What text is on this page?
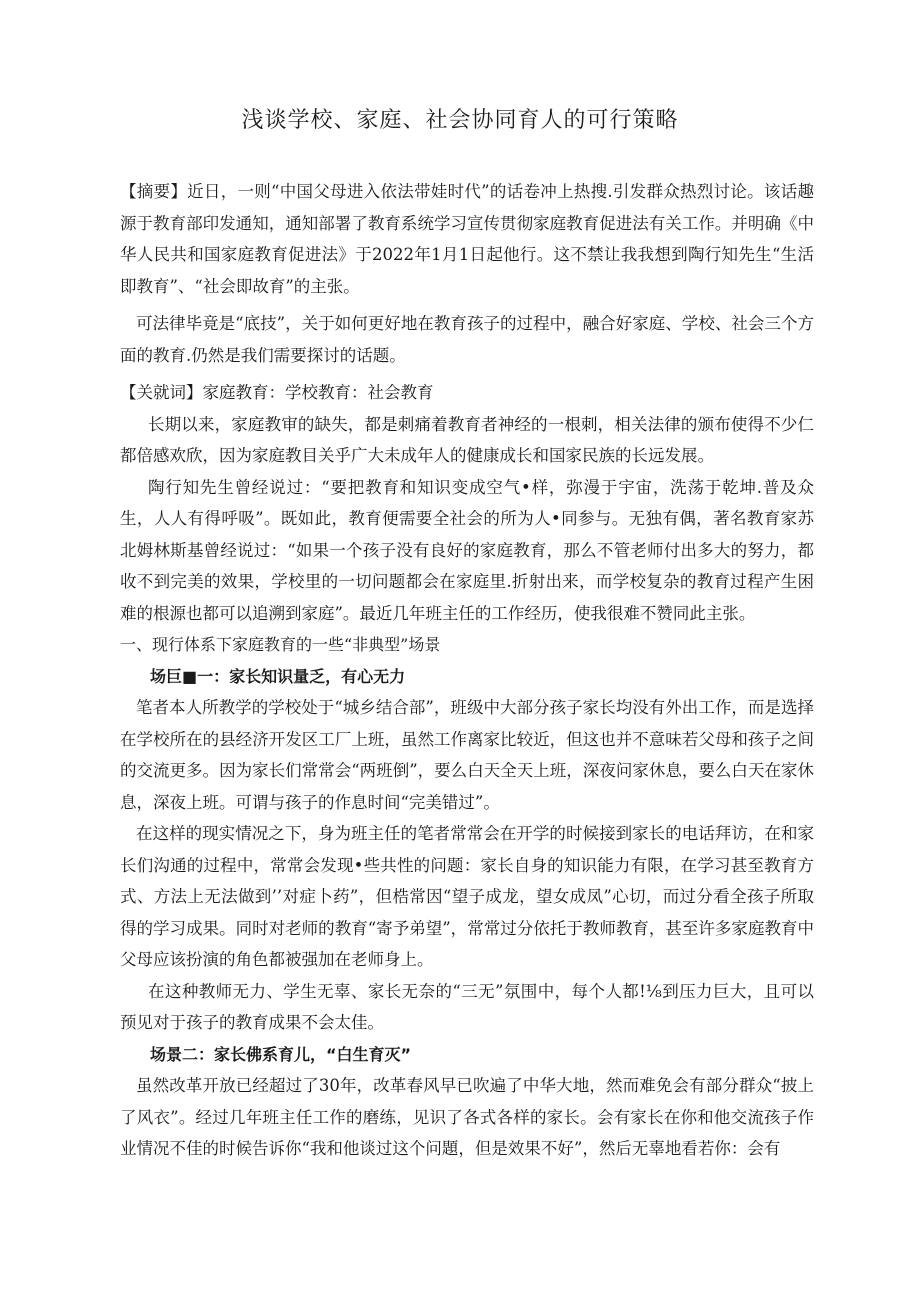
浅谈学校、家庭、社会协同育人的可行策略

【摘要】近日，一则“中国父母进入依法带娃时代”的话卷冲上热搜.引发群众热烈讨论。该话趣源于教育部印发通知，通知部署了教育系统学习宣传贯彻家庭教育促进法有关工作。并明确《中华人民共和国家庭教育促进法》于2022年1月1日起他行。这不禁让我我想到陶行知先生“生活即教育”、“社会即故育”的主张。

可法律毕竟是“底技”，关于如何更好地在教育孩子的过程中，融合好家庭、学校、社会三个方面的教育.仍然是我们需要探讨的话题。

【关就词】家庭教育：学校教育：社会教育

长期以来，家庭教审的缺失，都是刺痛着教育者神经的一根刺，相关法律的颁布使得不少仁都倍感欢欣，因为家庭教目关乎广大未成年人的健康成长和国家民族的长远发展。

陶行知先生曾经说过：“要把教育和知识变成空气•样，弥漫于宇宙，洗荡于乾坤.普及众生，人人有得呼吸”。既如此，教育便需要全社会的所为人•同参与。无独有偶，著名教育家苏北姆林斯基曾经说过：“如果一个孩子没有良好的家庭教育，那么不管老师付出多大的努力，都收不到完美的效果，学校里的一切问题都会在家庭里.折射出来，而学校复杂的教育过程产生困难的根源也都可以追溯到家庭”。最近几年班主任的工作经历，使我很难不赞同此主张。

一、现行体系下家庭教育的一些“非典型”场景

场巨■一：家长知识量乏，有心无力

笔者本人所教学的学校处于“城乡结合部”，班级中大部分孩子家长均没有外出工作，而是选择在学校所在的县经济开发区工厂上班，虽然工作离家比较近，但这也并不意味若父母和孩子之间的交流更多。因为家长们常常会“两班倒”，要么白天全天上班，深夜问家休息，要么白天在家休息，深夜上班。可谓与孩子的作息时间“完美错过”。

在这样的现实情况之下，身为班主任的笔者常常会在开学的时候接到家长的电话拜访，在和家长们沟通的过程中，常常会发现•些共性的问题：家长自身的知识能力有限，在学习甚至教育方式、方法上无法做到’’对症卜药”，但梏常因“望子成龙，望女成凤”心切，而过分看全孩子所取得的学习成果。同时对老师的教育“寄予弟望”，常常过分依托于教师教育，甚至许多家庭教育中父母应该扮演的角色都被强加在老师身上。

在这种教师无力、学生无辜、家长无奈的“三无”氛围中，每个人都!⅛到压力巨大，且可以预见对于孩子的教育成果不会太佳。

场景二：家长佛系育儿，“白生育灭”

虽然改革开放已经超过了30年，改革春风早已吹遍了中华大地，然而难免会有部分群众“披上了风衣”。经过几年班主任工作的磨练，见识了各式各样的家长。会有家长在你和他交流孩子作业情况不佳的时候告诉你“我和他谈过这个问題，但是效果不好”，然后无辜地看若你：会有
